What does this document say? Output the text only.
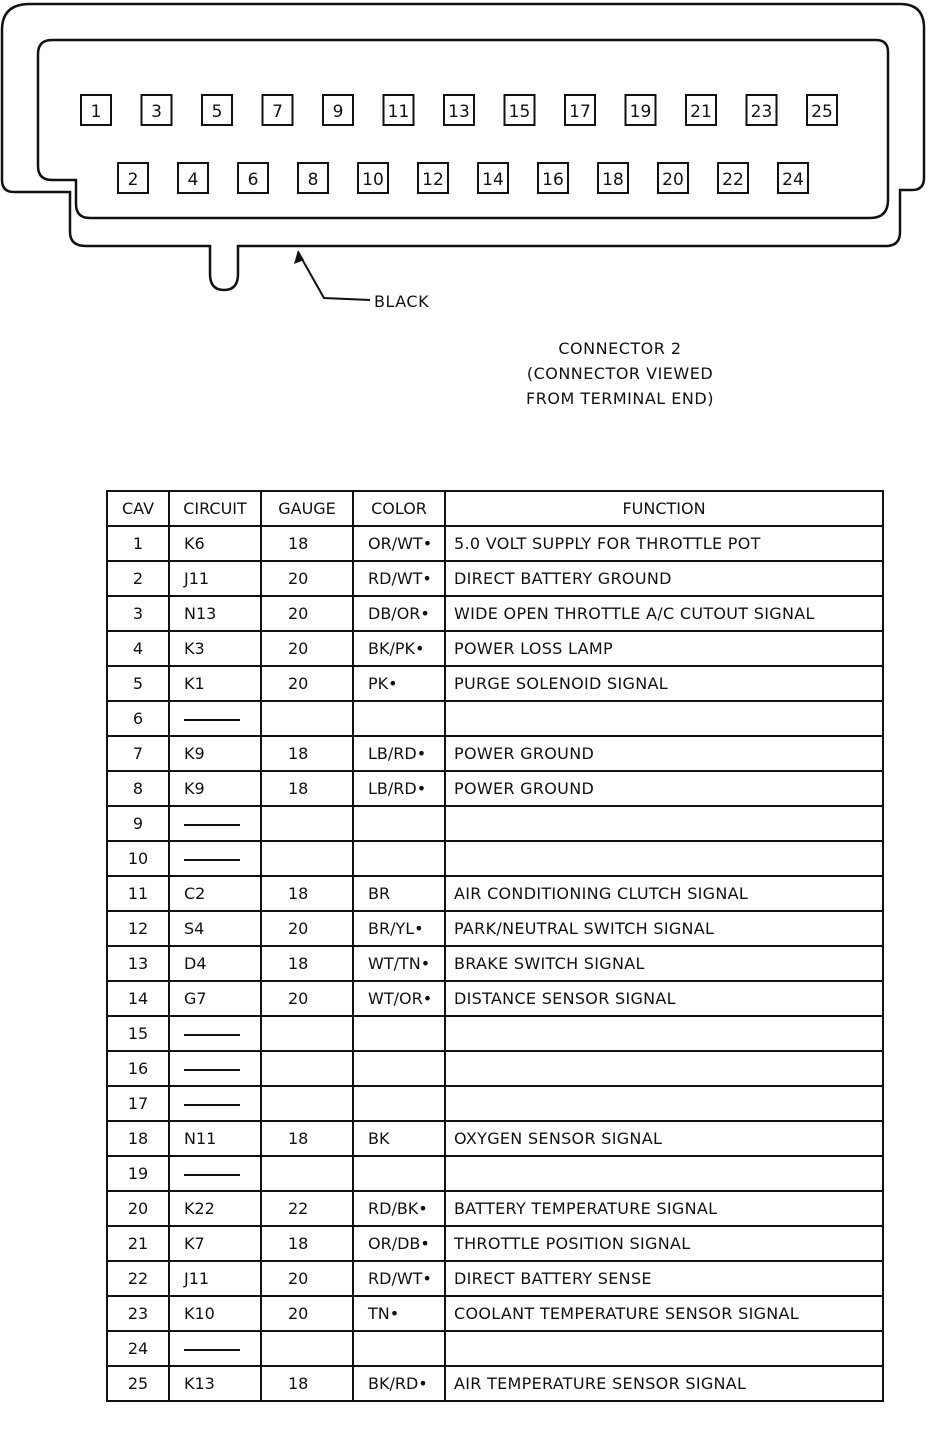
1	3	5	7	9	11 13 15 17 19 21 23 25
2	4	6	8	10 12 14 16 18 20 22 24
BLACK
CONNECTOR 2
(CONNECTOR VIEWED
FROM TERMINAL END)
CAV	CIRCUIT	GAUGE	COLOR	FUNCTION
1	K6	18	OR/WT•	5.0 VOLT SUPPLY FOR THROTTLE POT
2	J11	20	RD/WT•	DIRECT BATTERY GROUND
3	N13	20	DB/OR•	WIDE OPEN THROTTLE A/C CUTOUT SIGNAL
4	K3	20	BK/PK•	POWER LOSS LAMP
5	K1	20	PK•	PURGE SOLENOID SIGNAL
6				
7	K9	18	LB/RD•	POWER GROUND
8	K9	18	LB/RD•	POWER GROUND
9				
10				
11	C2	18	BR	AIR CONDITIONING CLUTCH SIGNAL
12	S4	20	BR/YL•	PARK/NEUTRAL SWITCH SIGNAL
13	D4	18	WT/TN•	BRAKE SWITCH SIGNAL
14	G7	20	WT/OR•	DISTANCE SENSOR SIGNAL
15				
16				
17				
18	N11	18	BK	OXYGEN SENSOR SIGNAL
19				
20	K22	22	RD/BK•	BATTERY TEMPERATURE SIGNAL
21	K7	18	OR/DB•	THROTTLE POSITION SIGNAL
22	J11	20	RD/WT•	DIRECT BATTERY SENSE
23	K10	20	TN•	COOLANT TEMPERATURE SENSOR SIGNAL
24				
25	K13	18	BK/RD•	AIR TEMPERATURE SENSOR SIGNAL
